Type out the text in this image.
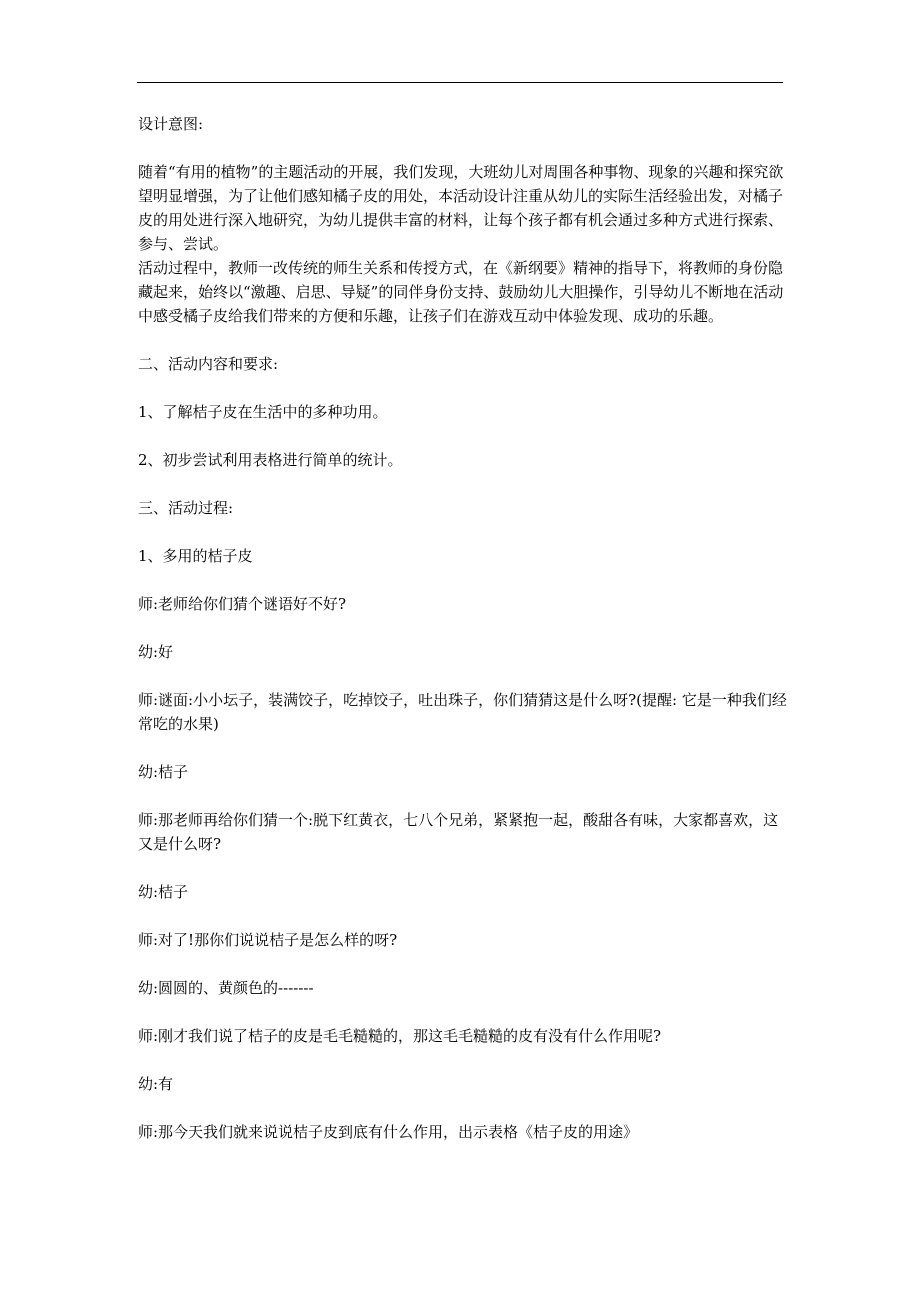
设计意图:

随着“有用的植物”的主题活动的开展，我们发现，大班幼儿对周围各种事物、现象的兴趣和探究欲望明显增强，为了让他们感知橘子皮的用处，本活动设计注重从幼儿的实际生活经验出发，对橘子皮的用处进行深入地研究，为幼儿提供丰富的材料，让每个孩子都有机会通过多种方式进行探索、参与、尝试。

活动过程中，教师一改传统的师生关系和传授方式，在《新纲要》精神的指导下，将教师的身份隐藏起来，始终以“激趣、启思、导疑”的同伴身份支持、鼓励幼儿大胆操作，引导幼儿不断地在活动中感受橘子皮给我们带来的方便和乐趣，让孩子们在游戏互动中体验发现、成功的乐趣。

二、活动内容和要求:

1、了解桔子皮在生活中的多种功用。

2、初步尝试利用表格进行简单的统计。

三、活动过程:

1、多用的桔子皮

师:老师给你们猜个谜语好不好?

幼:好

师:谜面:小小坛子，装满饺子，吃掉饺子，吐出珠子，你们猜猜这是什么呀?(提醒: 它是一种我们经常吃的水果)

幼:桔子

师:那老师再给你们猜一个:脱下红黄衣，七八个兄弟，紧紧抱一起，酸甜各有味，大家都喜欢，这又是什么呀?

幼:桔子

师:对了!那你们说说桔子是怎么样的呀?

幼:圆圆的、黄颜色的-------

师:刚才我们说了桔子的皮是毛毛糙糙的，那这毛毛糙糙的皮有没有什么作用呢?

幼:有

师:那今天我们就来说说桔子皮到底有什么作用，出示表格《桔子皮的用途》
